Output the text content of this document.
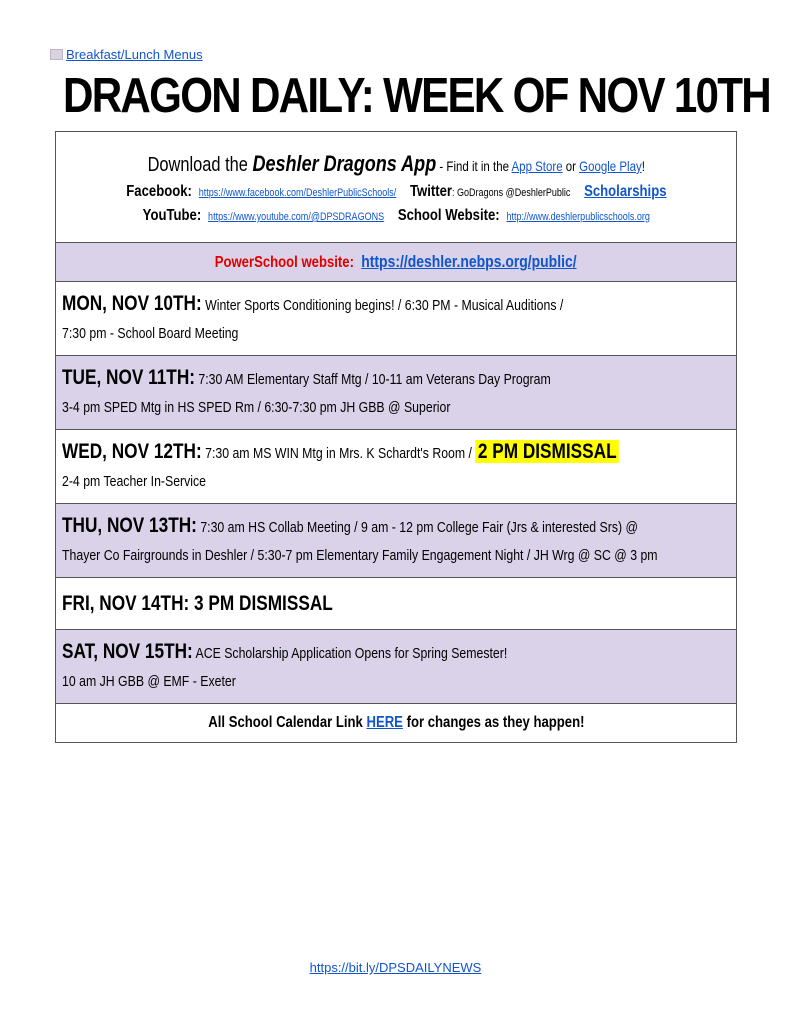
Breakfast/Lunch Menus
DRAGON DAILY: WEEK OF NOV 10TH
Download the Deshler Dragons App - Find it in the App Store or Google Play!
Facebook: https://www.facebook.com/DeshlerPublicSchools/ Twitter: GoDragons @DeshlerPublic Scholarships
YouTube: https://www.youtube.com/@DPSDRAGONS School Website: http://www.deshlerpublicschools.org

PowerSchool website: https://deshler.nebps.org/public/

MON, NOV 10TH: Winter Sports Conditioning begins! / 6:30 PM - Musical Auditions /
7:30 pm - School Board Meeting

TUE, NOV 11TH: 7:30 AM Elementary Staff Mtg / 10-11 am Veterans Day Program
3-4 pm SPED Mtg in HS SPED Rm / 6:30-7:30 pm JH GBB @ Superior

WED, NOV 12TH: 7:30 am MS WIN Mtg in Mrs. K Schardt's Room / 2 PM DISMISSAL
2-4 pm Teacher In-Service

THU, NOV 13TH: 7:30 am HS Collab Meeting / 9 am - 12 pm College Fair (Jrs & interested Srs) @
Thayer Co Fairgrounds in Deshler / 5:30-7 pm Elementary Family Engagement Night / JH Wrg @ SC @ 3 pm

FRI, NOV 14TH: 3 PM DISMISSAL

SAT, NOV 15TH: ACE Scholarship Application Opens for Spring Semester!
10 am JH GBB @ EMF - Exeter

All School Calendar Link HERE for changes as they happen!
https://bit.ly/DPSDAILYNEWS
